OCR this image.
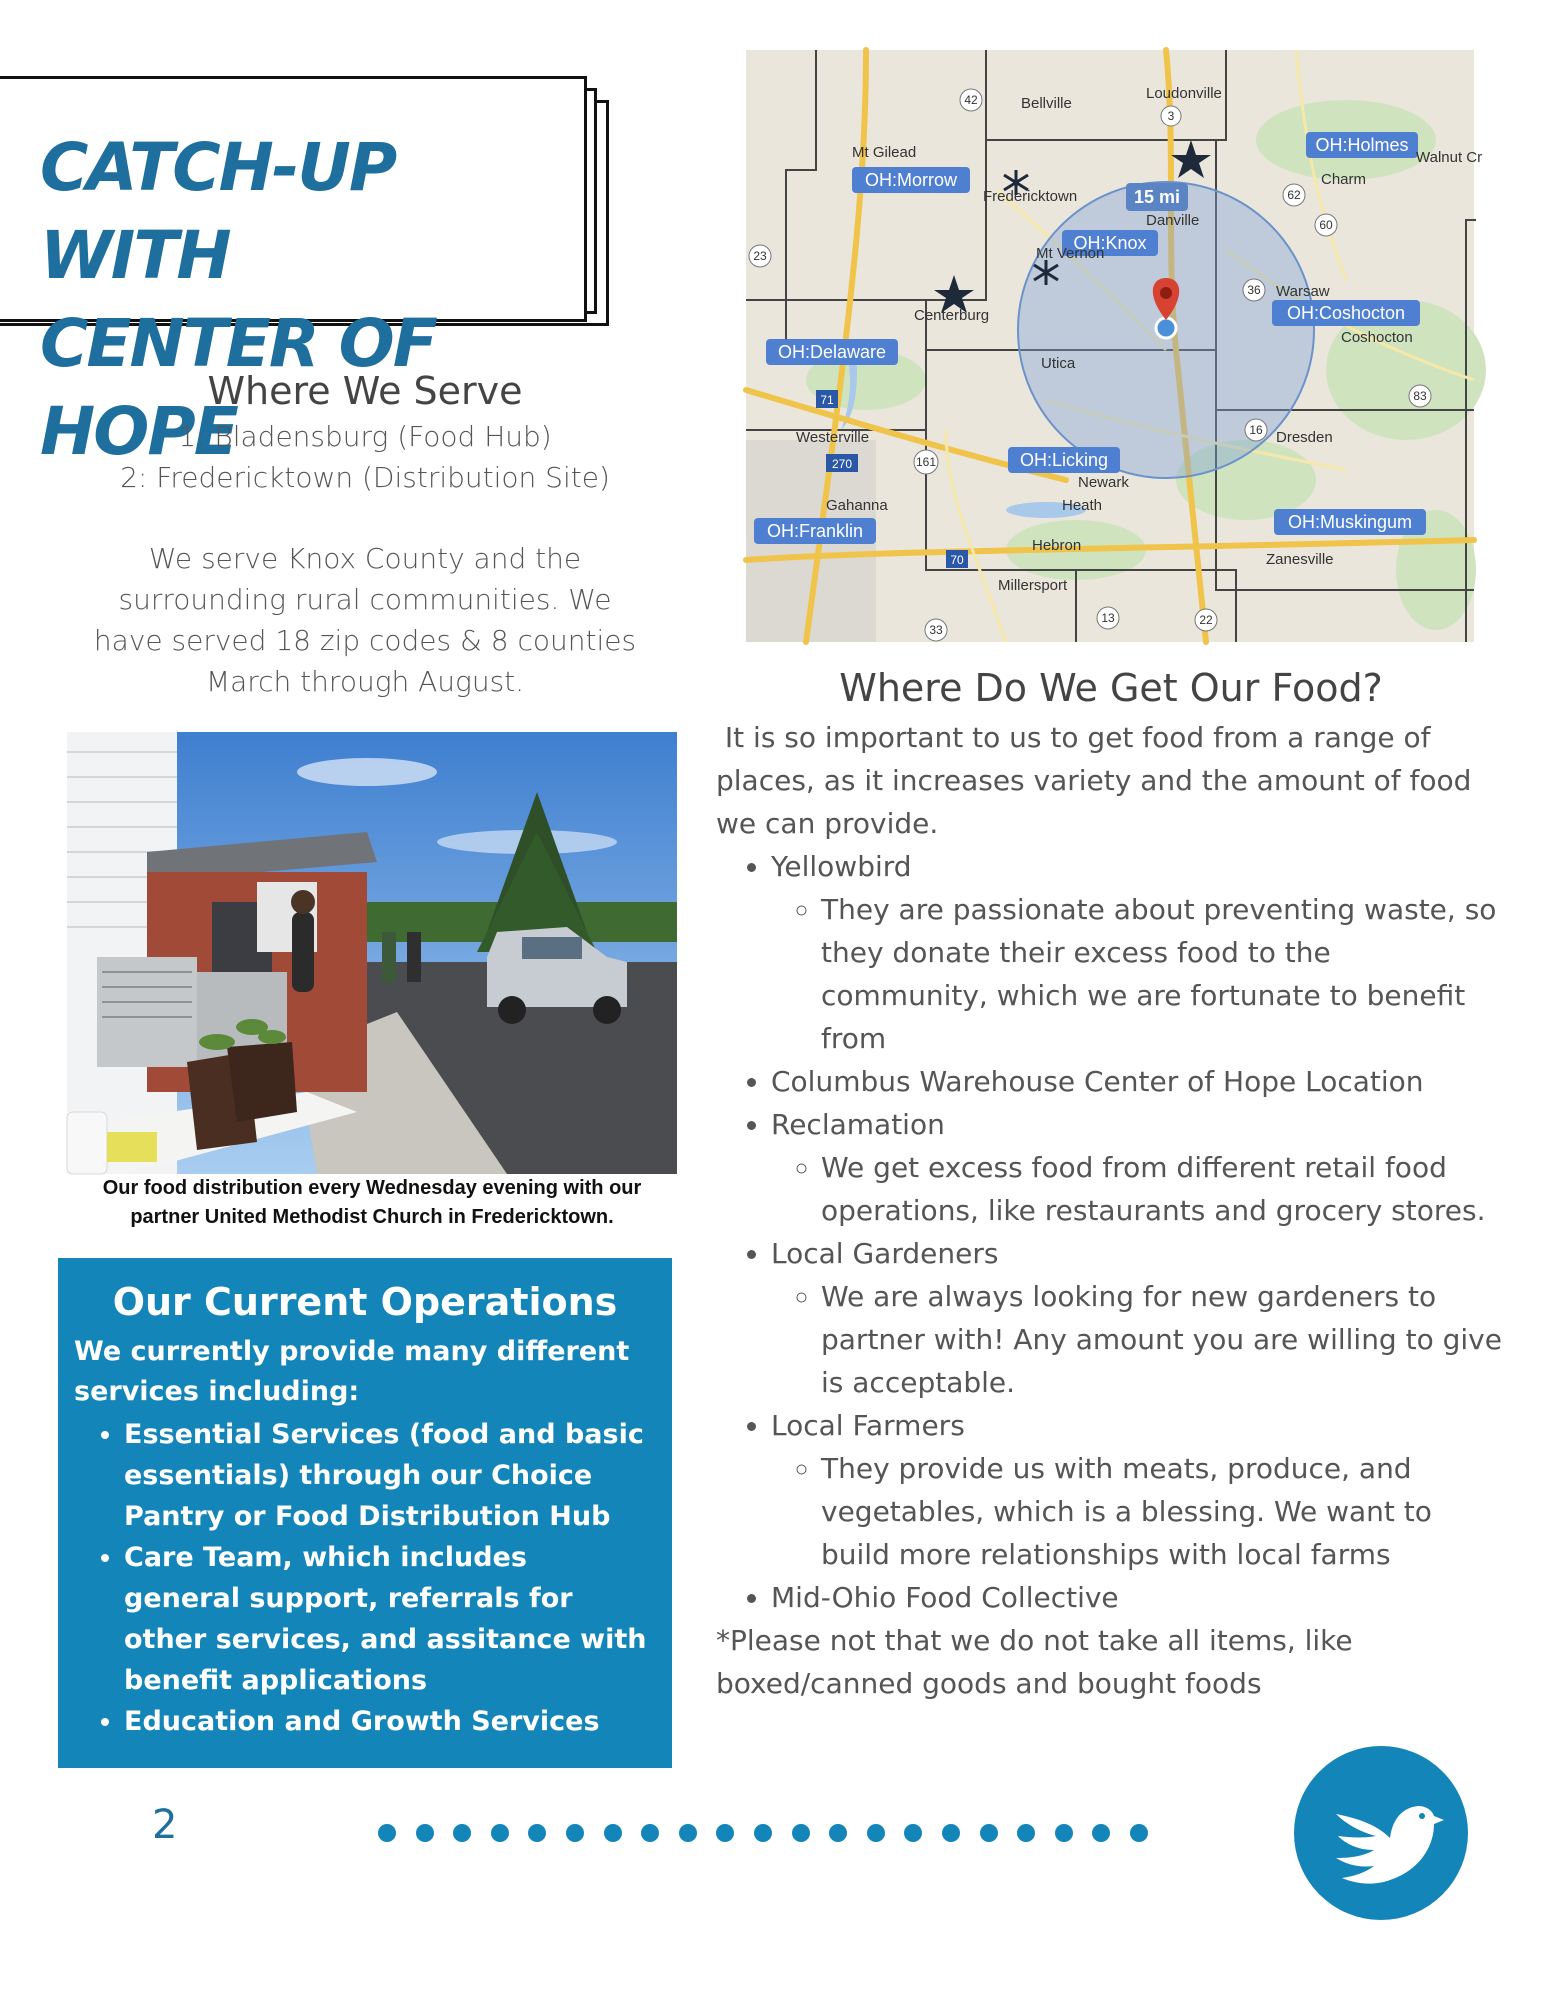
CATCH-UP WITH
CENTER OF HOPE
Where We Serve

1: Bladensburg (Food Hub)

2: Fredericktown (Distribution Site)

We serve Knox County and the

surrounding rural communities. We

have served 18 zip codes & 8 counties

March through August.

Our food distribution every Wednesday evening with our
partner United Methodist Church in Fredericktown.
Our Current Operations
We currently provide many different services including:
• Essential Services (food and basic essentials) through our Choice Pantry or Food Distribution Hub
• Care Team, which includes general support, referrals for other services, and assitance with benefit applications
• Education and Growth Services
15 mi
OH:Holmes
OH:Morrow
OH:Knox
OH:Coshocton
OH:Delaware
OH:Licking
OH:Franklin	OH:Muskingum
Bellville
Loudonville
Mt Gilead
Fredericktown
Danville
Centerburg
Utica
Warsaw
Coshocton
Westerville
Gahanna
Newark
Heath
Dresden
Hebron
Millersport
Zanesville
Charm
Walnut Cr
Mt Vernon
42
3
62
60
23
36
71
270	161
16
83
70
13	22
33
Where Do We Get Our Food?

It is so important to us to get food from a range of places, as it increases variety and the amount of food we can provide.

• Yellowbird
◦ They are passionate about preventing waste, so they donate their excess food to the community, which we are fortunate to benefit from
• Columbus Warehouse Center of Hope Location
• Reclamation
◦ We get excess food from different retail food operations, like restaurants and grocery stores.
• Local Gardeners
◦ We are always looking for new gardeners to partner with! Any amount you are willing to give is acceptable.
• Local Farmers
◦ They provide us with meats, produce, and vegetables, which is a blessing. We want to build more relationships with local farms
• Mid-Ohio Food Collective

*Please not that we do not take all items, like boxed/canned goods and bought foods

2
